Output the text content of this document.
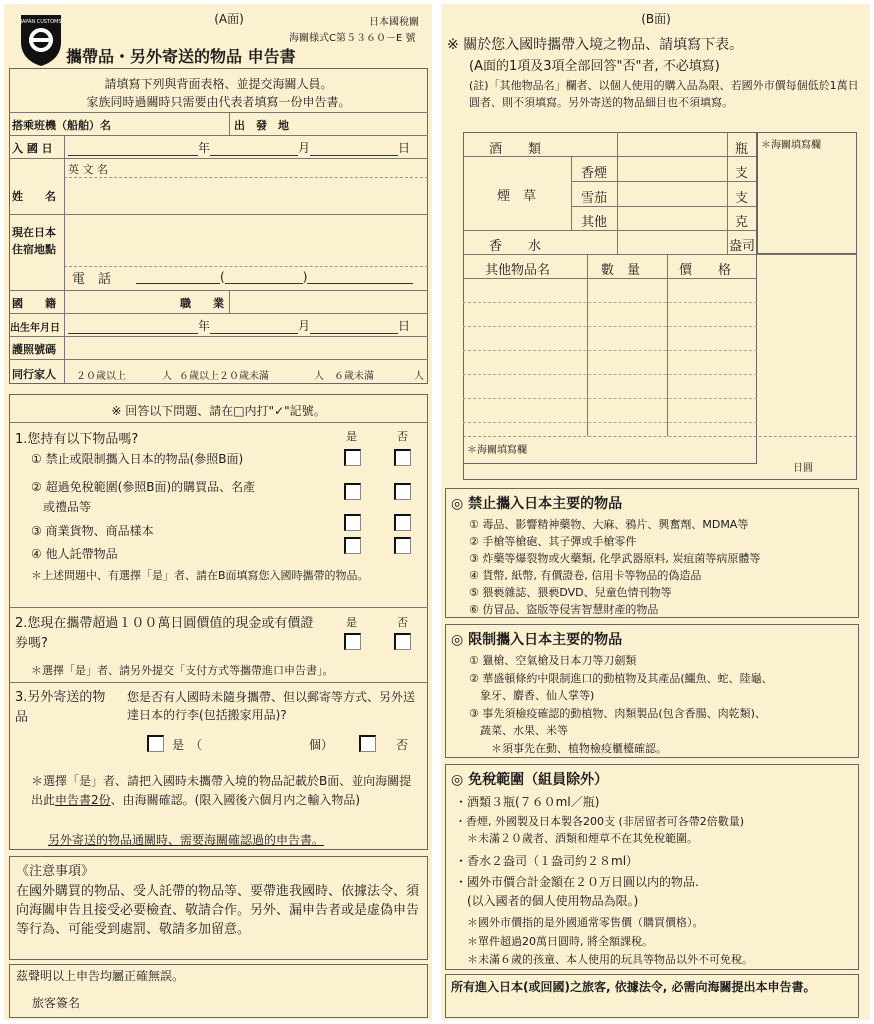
JAPAN CUSTOMS	(A面)	日本國稅關
海關様式C第５３６０－E 號
攜帶品・另外寄送的物品 申告書
請填寫下列與背面表格、並提交海關人員。
家族同時過關時只需要由代表者填寫一份申告書。
搭乘班機（船舶）名	出　發　地
入 國 日	年	月	日
英 文 名
姓　　名
現在日本住宿地點
電　話	(	)
國　　籍	職　　業
出生年月日	年	月	日
護照號碼
同行家人 ２０歲以上	人 ６歲以上２０歲未滿	人 ６歲未滿	人
※ 回答以下問題、請在□内打"✓"記號。
1.您持有以下物品嗎?	是	否
① 禁止或限制攜入日本的物品(參照B面)
② 超過免稅範圍(參照B面)的購買品、名產
　或禮品等
③ 商業貨物、商品樣本
④ 他人託帶物品
＊上述問題中、有選擇「是」者、請在B面填寫您入國時攜帶的物品。
2.您現在攜帶超過１００萬日圓價值的現金或有價證券嗎?
是	否
＊選擇「是」者、請另外提交「支付方式等攜帶進口申告書」。
3.另外寄送的物品
您是否有人國時未隨身攜帶、但以郵寄等方式、另外送達日本的行李(包括搬家用品)?
是　（	個）	否
＊選擇「是」者、請把入國時未攜帶入境的物品記載於B面、並向海關提出此申告書2份、由海關確認。(限入國後六個月内之輸入物品)
另外寄送的物品通關時、需要海關確認過的申告書。
《注意事項》
在國外購買的物品、受人託帶的物品等、要帶進我國時、依據法令、須向海關申告且接受必要檢査、敬請合作。另外、漏申告者或是虚偽申告等行為、可能受到處罰、敬請多加留意。
茲聲明以上申告均屬正確無誤。
旅客簽名
(B面)
※ 關於您入國時攜帶入境之物品、請填寫下表。
(A面的1項及3項全部回答"否"者, 不必填寫)
(註)「其他物品名」欄者、以個人使用的購入品為限、若國外市價每個低於1萬日圓者、則不須填寫。另外寄送的物品細目也不須填寫。
＊海關填寫欄
酒　　類	瓶
煙　草
香煙	支
雪茄	支
其他	克
香　　水	盎司
其他物品名	數　量	價　　格
＊海關填寫欄
日圓
◎ 禁止攜入日本主要的物品
① 毒品、影響精神藥物、大麻、鴉片、興奮劑、MDMA等
② 手槍等槍砲、其子彈或手槍零件
③ 炸藥等爆裂物或火藥類, 化學武器原料, 炭疽菌等病原體等
④ 貨幣, 紙幣, 有價證卷, 信用卡等物品的偽造品
⑤ 猥褻雜誌、猥褻DVD、兒童色情刊物等
⑥ 仿冒品、盜版等侵害智慧財產的物品
◎ 限制攜入日本主要的物品
① 獵槍、空氣槍及日本刀等刀劍類
② 華盛頓條約中限制進口的動植物及其產品(鱷魚、蛇、陸龜、
　象牙、麝香、仙人掌等)
③ 事先須檢疫確認的動植物、肉類製品(包含香腸、肉乾類)、
　蔬菜、水果、米等
＊須事先在動、植物檢疫櫃檯確認。
◎ 免稅範圍（組員除外）
・酒類３瓶(７６０ml／瓶)
・香煙, 外國製及日本製各200支 (非居留者可各帶2倍數量)
＊未滿２０歲者、酒類和煙草不在其免稅範圍。
・香水２盎司（１盎司約２８ml）
・國外市價合計金額在２０万日圓以内的物品.
(以入國者的個人使用物品為限。)
＊國外市價指的是外國通常零售價（購買價格）。
＊單件超過20萬日圓時, 將全額課稅。
＊未滿６歲的孩童、本人使用的玩具等物品以外不可免稅。
所有進入日本(或回國)之旅客, 依據法令, 必需向海關提出本申告書。
